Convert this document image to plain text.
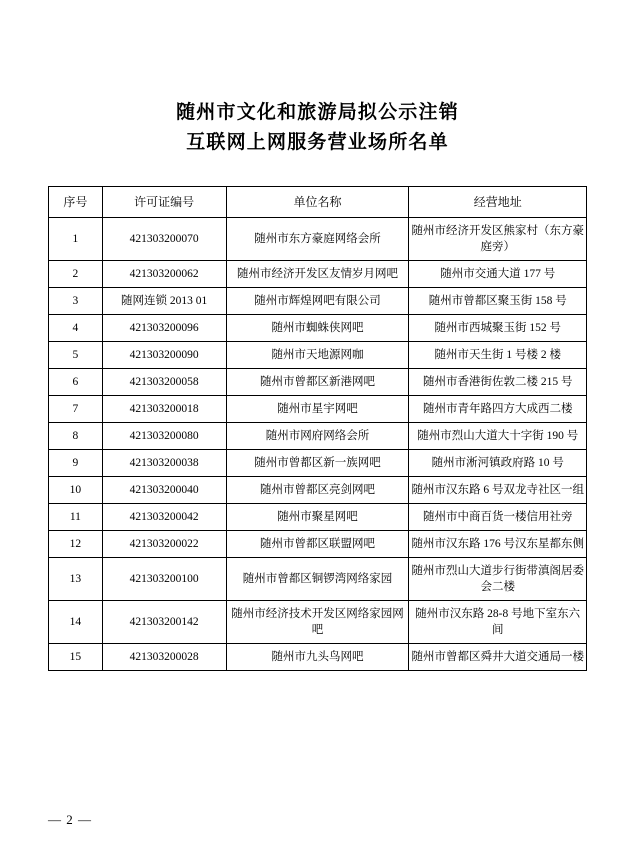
随州市文化和旅游局拟公示注销
互联网上网服务营业场所名单
序号	许可证编号	单位名称	经营地址
1	421303200070	随州市东方豪庭网络会所	随州市经济开发区熊家村（东方豪庭旁）
2	421303200062	随州市经济开发区友情岁月网吧	随州市交通大道 177 号
3	随网连锁 2013 01	随州市辉煌网吧有限公司	随州市曾都区聚玉街 158 号
4	421303200096	随州市蜘蛛侠网吧	随州市西城聚玉街 152 号
5	421303200090	随州市天地源网咖	随州市天生街 1 号楼 2 楼
6	421303200058	随州市曾都区新港网吧	随州市香港街佐敦二楼 215 号
7	421303200018	随州市星宇网吧	随州市青年路四方大成西二楼
8	421303200080	随州市网府网络会所	随州市烈山大道大十字街 190 号
9	421303200038	随州市曾都区新一族网吧	随州市淅河镇政府路 10 号
10	421303200040	随州市曾都区亮剑网吧	随州市汉东路 6 号双龙寺社区一组
11	421303200042	随州市聚星网吧	随州市中商百货一楼信用社旁
12	421303200022	随州市曾都区联盟网吧	随州市汉东路 176 号汉东星都东侧
13	421303200100	随州市曾都区铜锣湾网络家园	随州市烈山大道步行街带滇阁居委会二楼
14	421303200142	随州市经济技术开发区网络家园网吧	随州市汉东路 28-8 号地下室东六间
15	421303200028	随州市九头鸟网吧	随州市曾都区舜井大道交通局一楼
— 2 —
